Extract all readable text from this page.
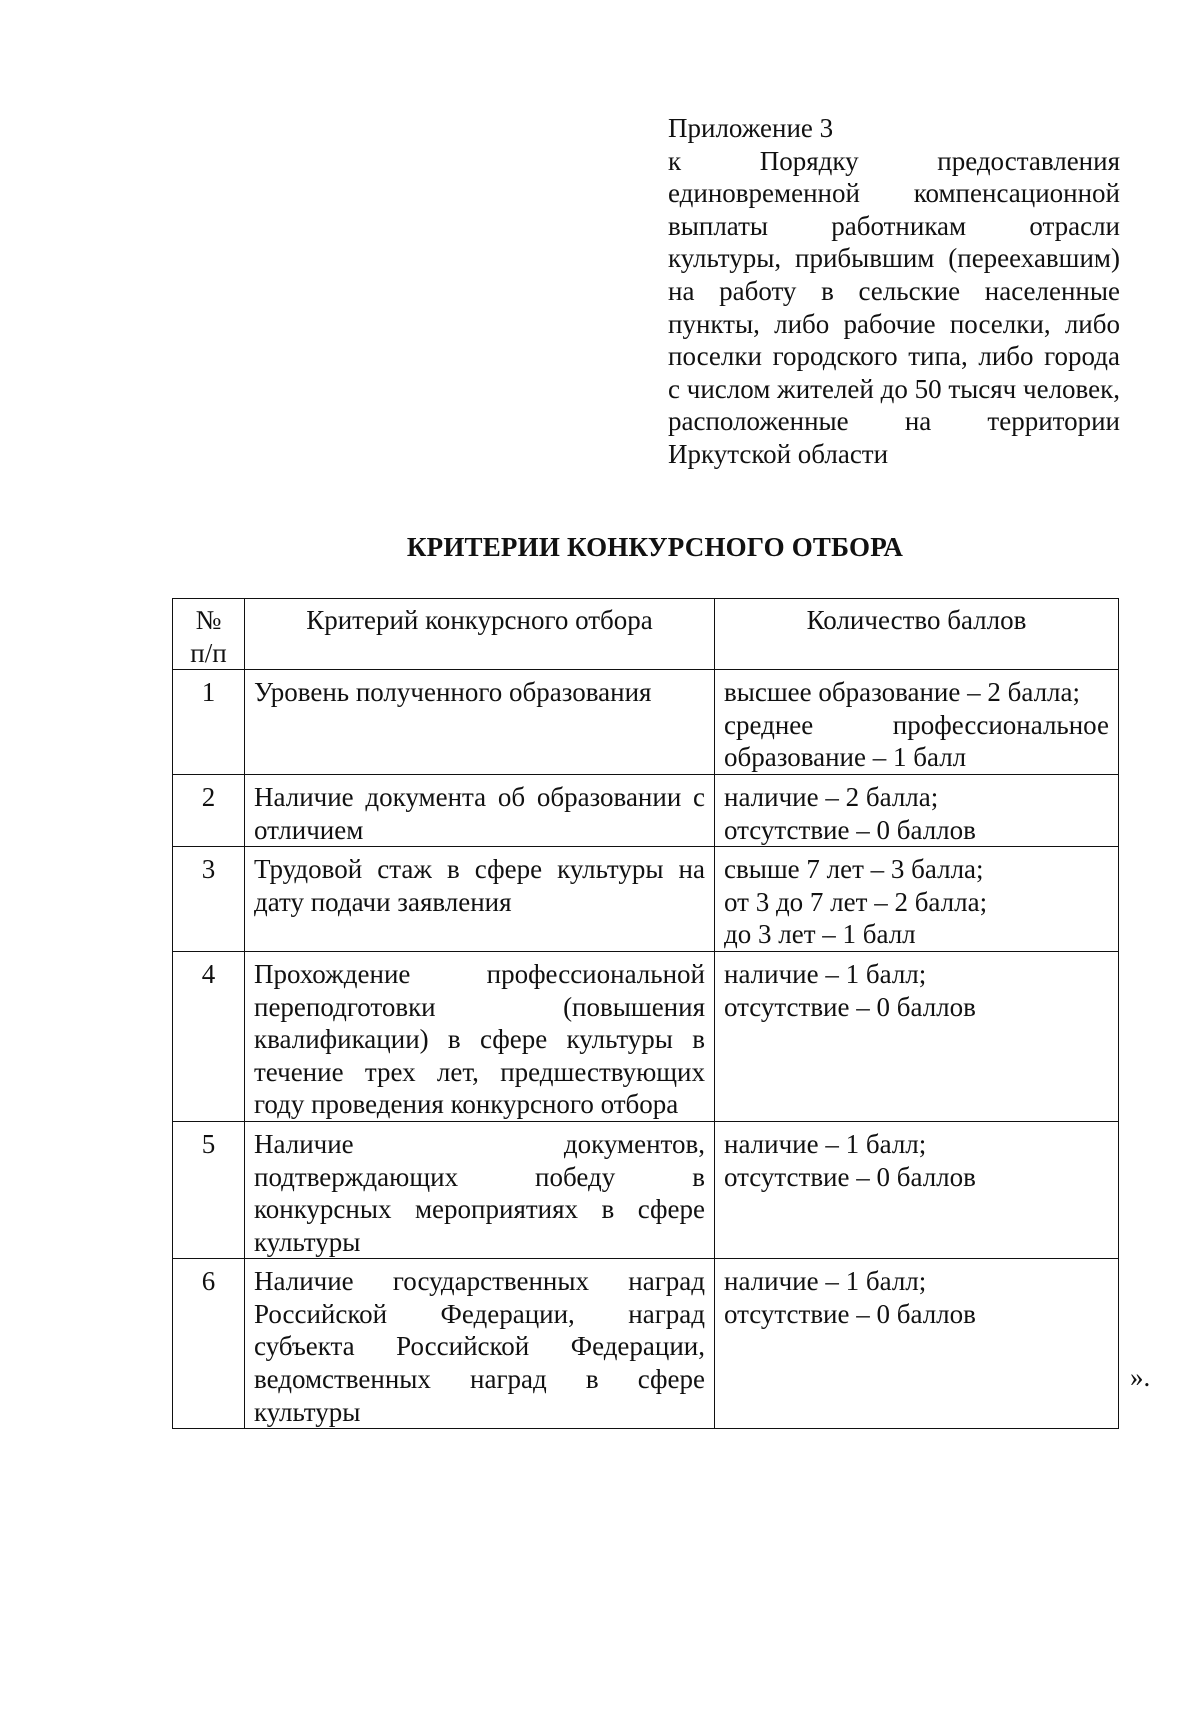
Приложение 3
к Порядку предоставления единовременной компенсационной выплаты работникам отрасли культуры, прибывшим (переехавшим) на работу в сельские населенные пункты, либо рабочие поселки, либо поселки городского типа, либо города с числом жителей до 50 тысяч человек, расположенные на территории Иркутской области
КРИТЕРИИ КОНКУРСНОГО ОТБОРА
№ п/п	Критерий конкурсного отбора	Количество баллов
1	Уровень полученного образования	высшее образование – 2 балла;
среднее профессиональное образование – 1 балл

2	Наличие документа об образовании с отличием	наличие – 2 балла;
отсутствие – 0 баллов

3	Трудовой стаж в сфере культуры на дату подачи заявления	свыше 7 лет – 3 балла;
от 3 до 7 лет – 2 балла;
до 3 лет – 1 балл

4	Прохождение профессиональной переподготовки (повышения квалификации) в сфере культуры в течение трех лет, предшествующих году проведения конкурсного отбора	наличие – 1 балл;
отсутствие – 0 баллов

5	Наличие документов, подтверждающих победу в конкурсных мероприятиях в сфере культуры	наличие – 1 балл;
отсутствие – 0 баллов

6	Наличие государственных наград Российской Федерации, наград субъекта Российской Федерации, ведомственных наград в сфере культуры	наличие – 1 балл;
отсутствие – 0 баллов
».
